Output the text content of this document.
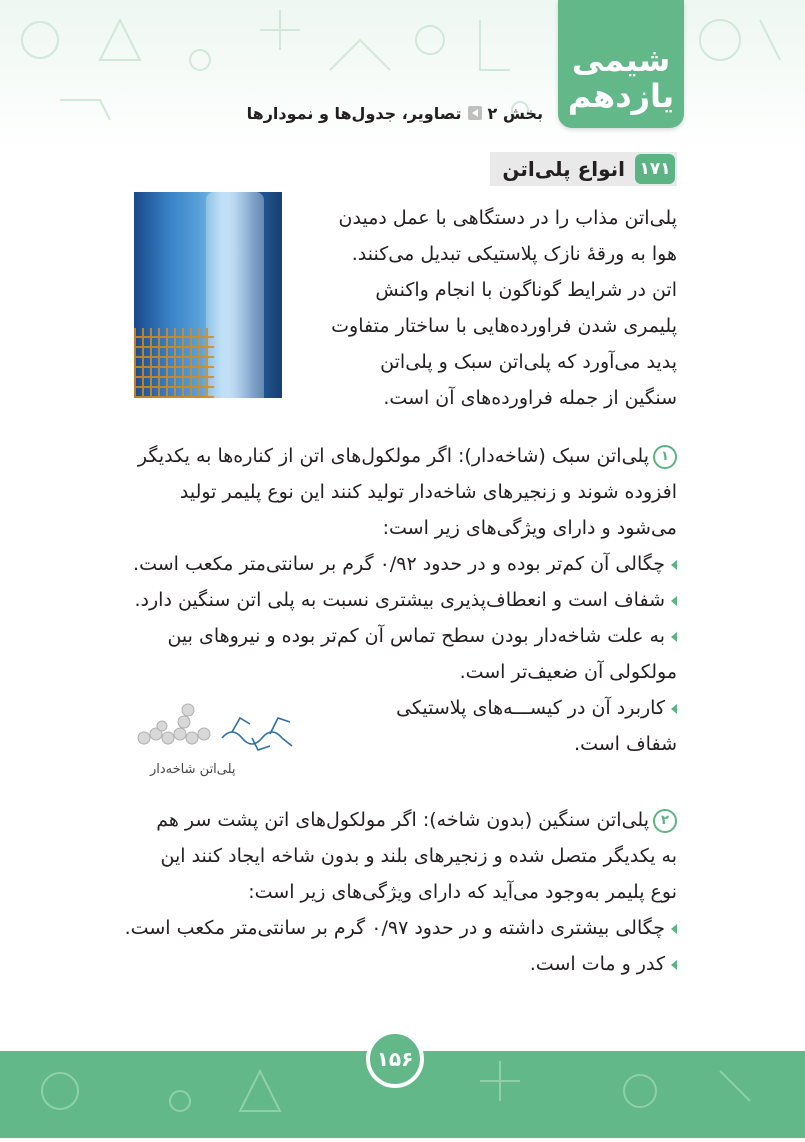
شیمی
یازدهم
بخش ۲
تصاویر، جدول‌ها و نمودارها
۱۷۱
انواع پلی‌اتن
پلی‌اتن مذاب را در دستگاهی با عمل دمیدن
هوا به ورقۀ نازک پلاستیکی تبدیل می‌کنند.
اتن در شرایط گوناگون با انجام واکنش
پلیمری شدن فراورده‌هایی با ساختار متفاوت
پدید می‌آورد که پلی‌اتن سبک و پلی‌اتن
سنگین از جمله فراورده‌های آن است.
۱پلی‌اتن سبک (شاخه‌دار): اگر مولکول‌های اتن از کناره‌ها به یکدیگر
افزوده شوند و زنجیرهای شاخه‌دار تولید کنند این نوع پلیمر تولید
می‌شود و دارای ویژگی‌های زیر است:
چگالی آن کم‌تر بوده و در حدود ۰/۹۲ گرم بر سانتی‌متر مکعب است.
شفاف است و انعطاف‌پذیری بیشتری نسبت به پلی اتن سنگین دارد.
به علت شاخه‌دار بودن سطح تماس آن کم‌تر بوده و نیروهای بین
مولکولی آن ضعیف‌تر است.
کاربرد آن در کیســـه‌های پلاستیکی
شفاف است.
پلی‌اتن شاخه‌دار
۲پلی‌اتن سنگین (بدون شاخه): اگر مولکول‌های اتن پشت سر هم
به یکدیگر متصل شده و زنجیرهای بلند و بدون شاخه ایجاد کنند این
نوع پلیمر به‌وجود می‌آید که دارای ویژگی‌های زیر است:
چگالی بیشتری داشته و در حدود ۰/۹۷ گرم بر سانتی‌متر مکعب است.
کدر و مات است.
۱۵۶
